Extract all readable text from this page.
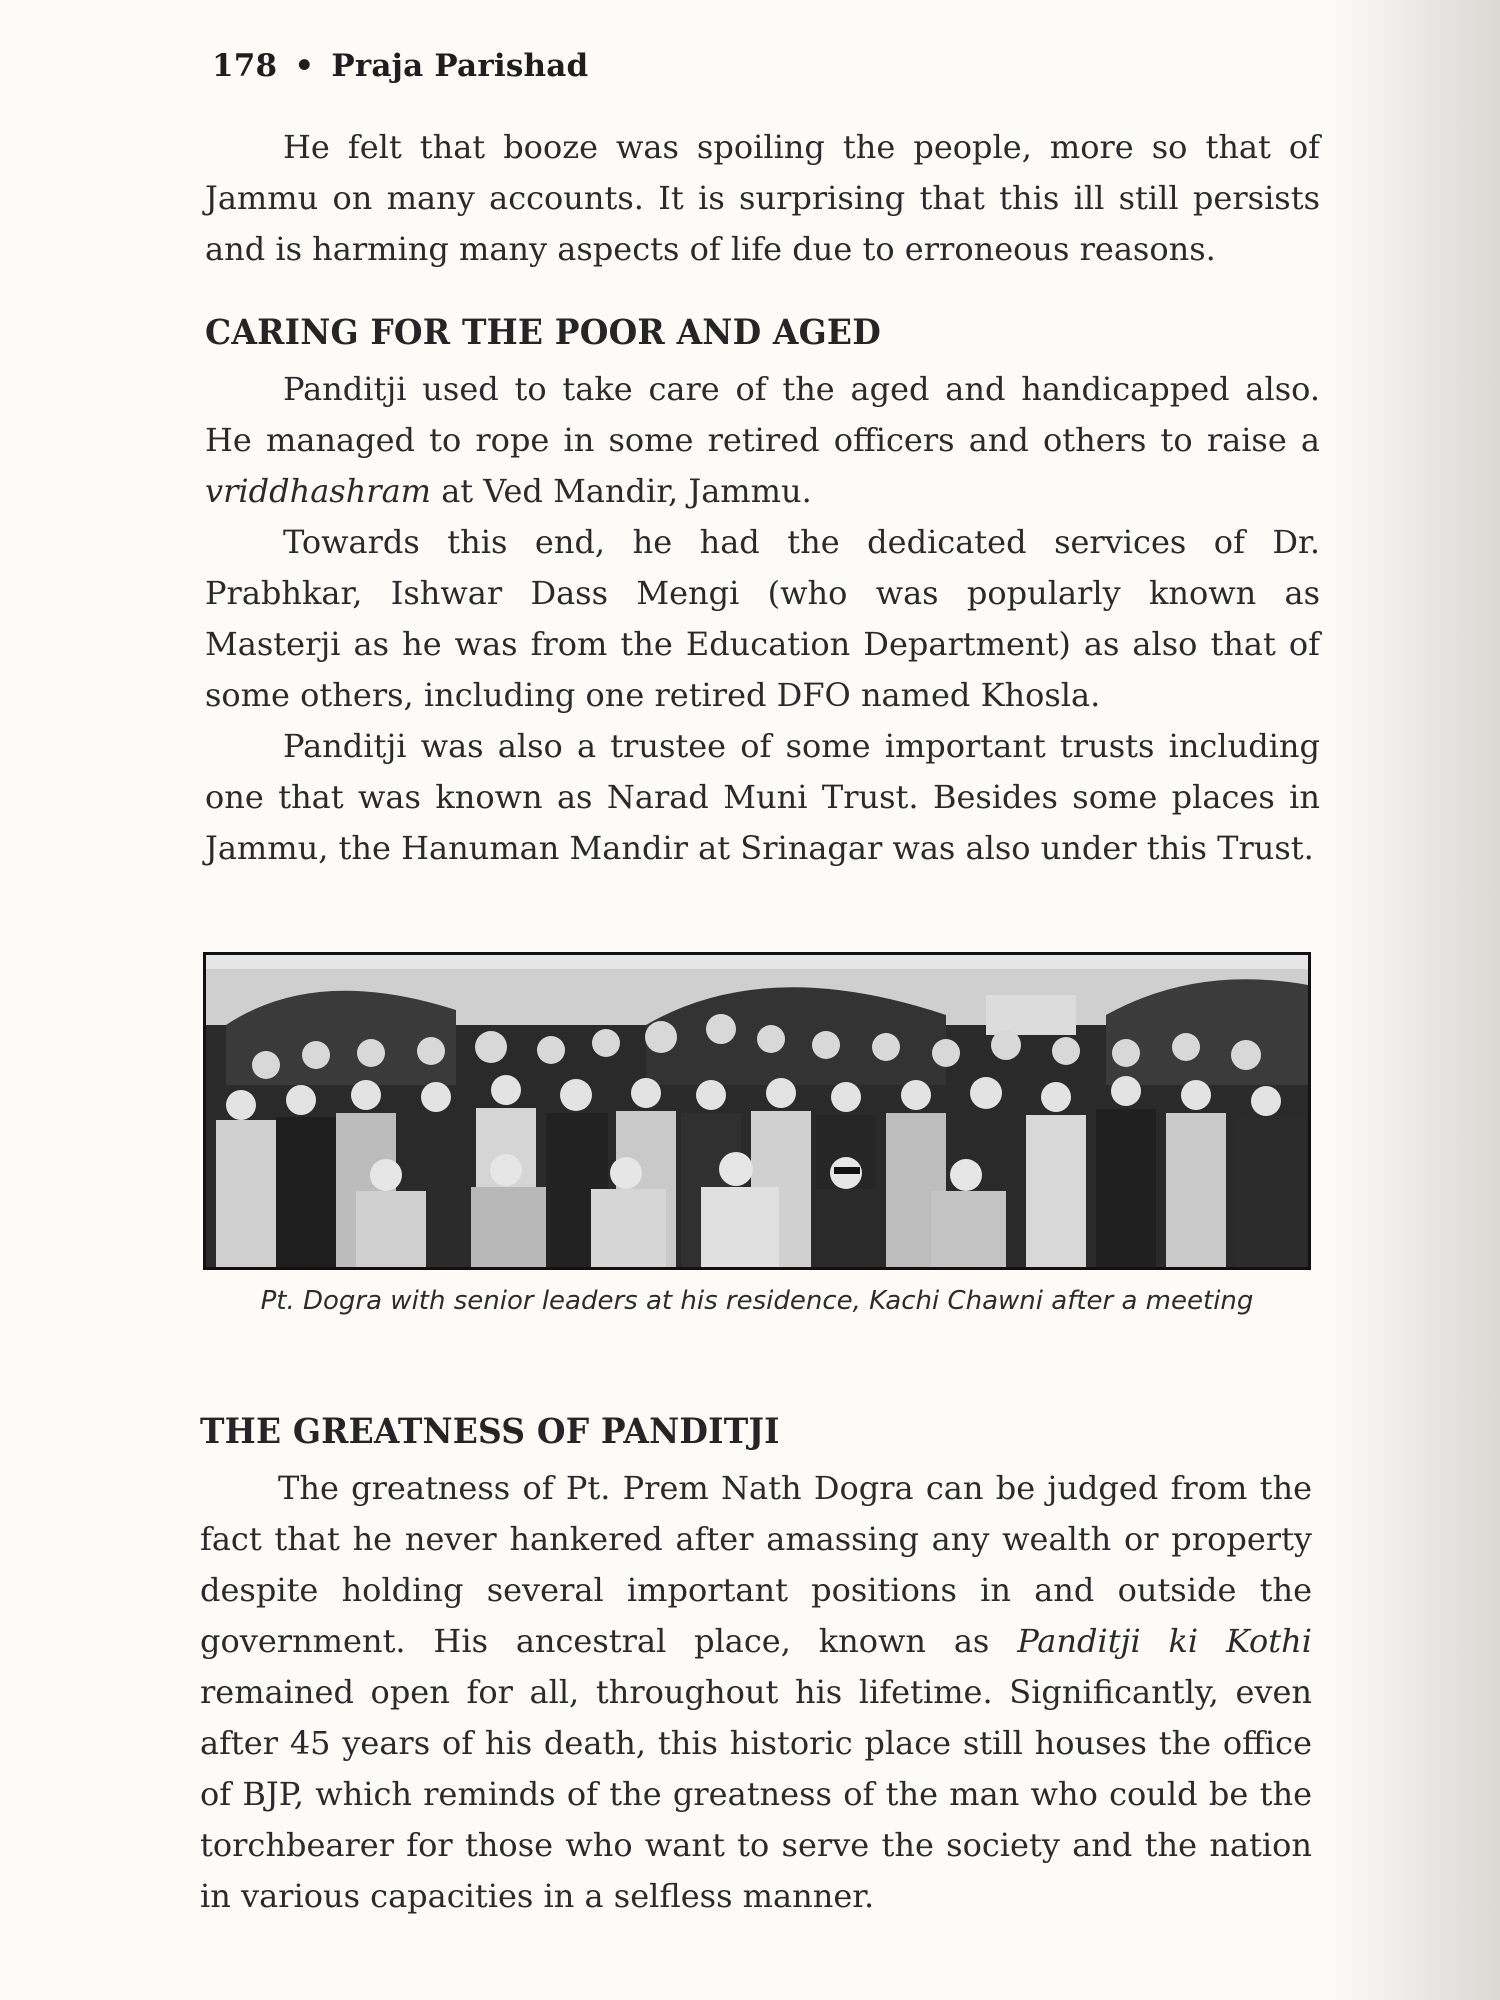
178 • Praja Parishad

He felt that booze was spoiling the people, more so that of Jammu on many accounts. It is surprising that this ill still persists and is harming many aspects of life due to erroneous reasons.

CARING FOR THE POOR AND AGED

Panditji used to take care of the aged and handicapped also. He managed to rope in some retired officers and others to raise a vriddhashram at Ved Mandir, Jammu.

Towards this end, he had the dedicated services of Dr. Prabhkar, Ishwar Dass Mengi (who was popularly known as Masterji as he was from the Education Department) as also that of some others, including one retired DFO named Khosla.

Panditji was also a trustee of some important trusts including one that was known as Narad Muni Trust. Besides some places in Jammu, the Hanuman Mandir at Srinagar was also under this Trust.

Pt. Dogra with senior leaders at his residence, Kachi Chawni after a meeting
THE GREATNESS OF PANDITJI

The greatness of Pt. Prem Nath Dogra can be judged from the fact that he never hankered after amassing any wealth or property despite holding several important positions in and outside the government. His ancestral place, known as Panditji ki Kothi remained open for all, throughout his lifetime. Significantly, even after 45 years of his death, this historic place still houses the office of BJP, which reminds of the greatness of the man who could be the torchbearer for those who want to serve the society and the nation in various capacities in a selfless manner.
